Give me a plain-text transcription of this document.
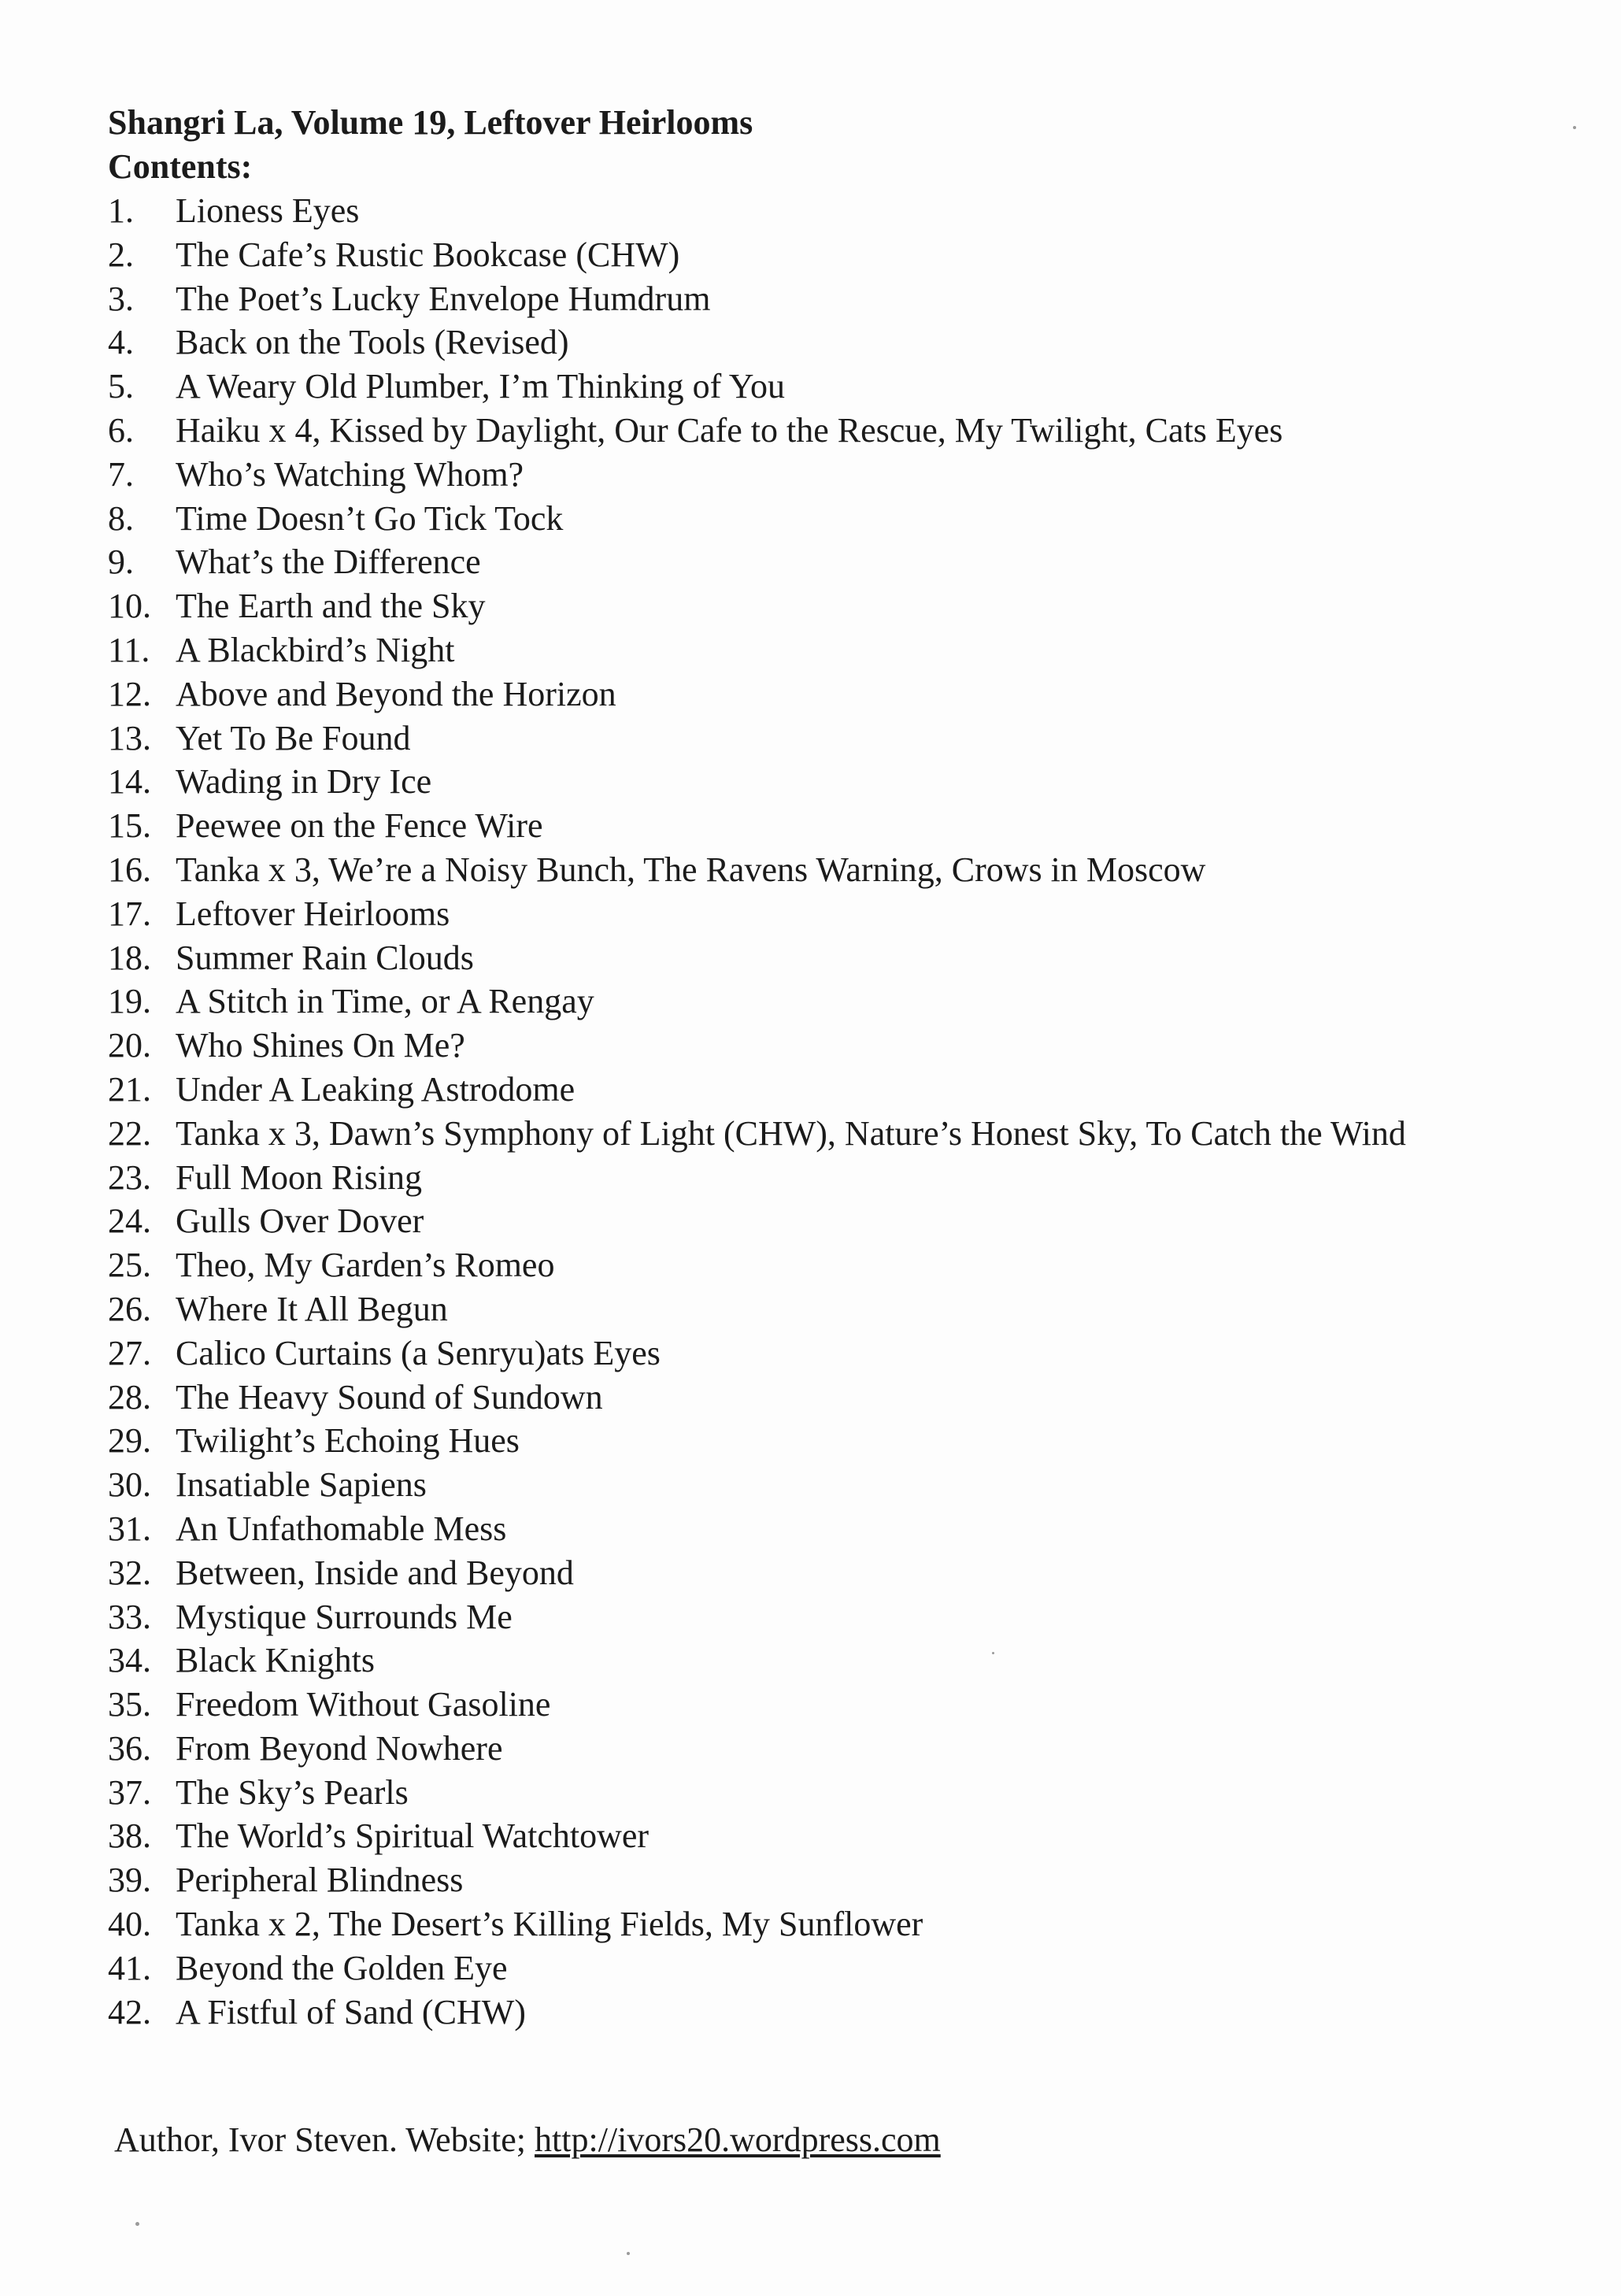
Shangri La, Volume 19, Leftover Heirlooms
Contents:
1.	Lioness Eyes
2.	The Cafe’s Rustic Bookcase (CHW)
3.	The Poet’s Lucky Envelope Humdrum
4.	Back on the Tools (Revised)
5.	A Weary Old Plumber, I’m Thinking of You
6.	Haiku x 4, Kissed by Daylight, Our Cafe to the Rescue, My Twilight, Cats Eyes
7.	Who’s Watching Whom?
8.	Time Doesn’t Go Tick Tock
9.	What’s the Difference
10. The Earth and the Sky
11. A Blackbird’s Night
12. Above and Beyond the Horizon
13. Yet To Be Found
14. Wading in Dry Ice
15. Peewee on the Fence Wire
16. Tanka x 3, We’re a Noisy Bunch, The Ravens Warning, Crows in Moscow
17. Leftover Heirlooms
18. Summer Rain Clouds
19. A Stitch in Time, or A Rengay
20. Who Shines On Me?
21. Under A Leaking Astrodome
22. Tanka x 3, Dawn’s Symphony of Light (CHW), Nature’s Honest Sky, To Catch the Wind
23. Full Moon Rising
24. Gulls Over Dover
25. Theo, My Garden’s Romeo
26. Where It All Begun
27. Calico Curtains (a Senryu)ats Eyes
28. The Heavy Sound of Sundown
29. Twilight’s Echoing Hues
30. Insatiable Sapiens
31. An Unfathomable Mess
32. Between, Inside and Beyond
33. Mystique Surrounds Me
34. Black Knights
35. Freedom Without Gasoline
36. From Beyond Nowhere
37. The Sky’s Pearls
38. The World’s Spiritual Watchtower
39. Peripheral Blindness
40. Tanka x 2, The Desert’s Killing Fields, My Sunflower
41. Beyond the Golden Eye
42. A Fistful of Sand (CHW)
Author, Ivor Steven. Website; http://ivors20.wordpress.com
